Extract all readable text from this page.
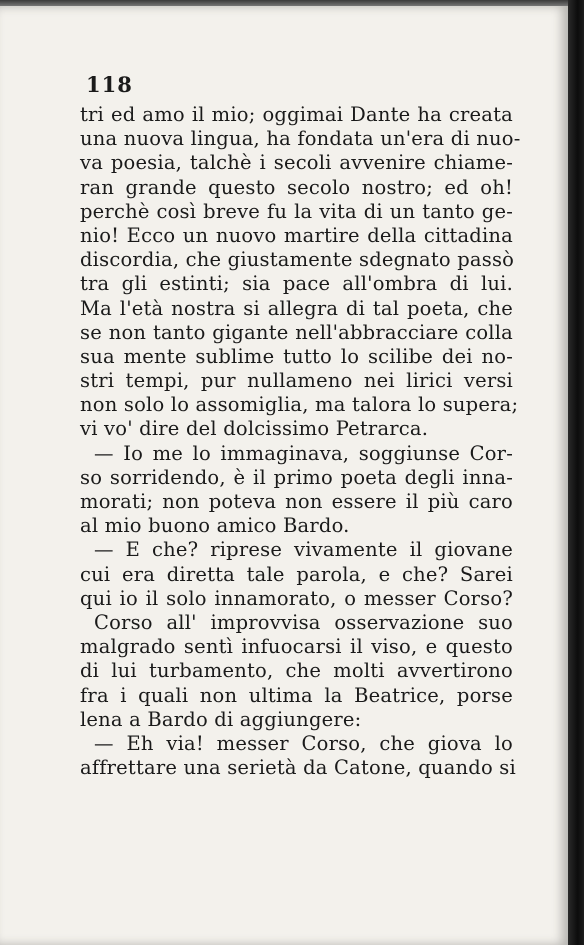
118
tri ed amo il mio; oggimai Dante ha creata
una nuova lingua, ha fondata un'era di nuo-
va poesia, talchè i secoli avvenire chiame-
ran grande questo secolo nostro; ed oh!
perchè così breve fu la vita di un tanto ge-
nio! Ecco un nuovo martire della cittadina
discordia, che giustamente sdegnato passò
tra gli estinti; sia pace all'ombra di lui.
Ma l'età nostra si allegra di tal poeta, che
se non tanto gigante nell'abbracciare colla
sua mente sublime tutto lo scilibe dei no-
stri tempi, pur nullameno nei lirici versi
non solo lo assomiglia, ma talora lo supera;
vi vo' dire del dolcissimo Petrarca.
— Io me lo immaginava, soggiunse Cor-
so sorridendo, è il primo poeta degli inna-
morati; non poteva non essere il più caro
al mio buono amico Bardo.
— E che? riprese vivamente il giovane
cui era diretta tale parola, e che? Sarei
qui io il solo innamorato, o messer Corso?
Corso all' improvvisa osservazione suo
malgrado sentì infuocarsi il viso, e questo
di lui turbamento, che molti avvertirono
fra i quali non ultima la Beatrice, porse
lena a Bardo di aggiungere:
— Eh via! messer Corso, che giova lo
affrettare una serietà da Catone, quando si
